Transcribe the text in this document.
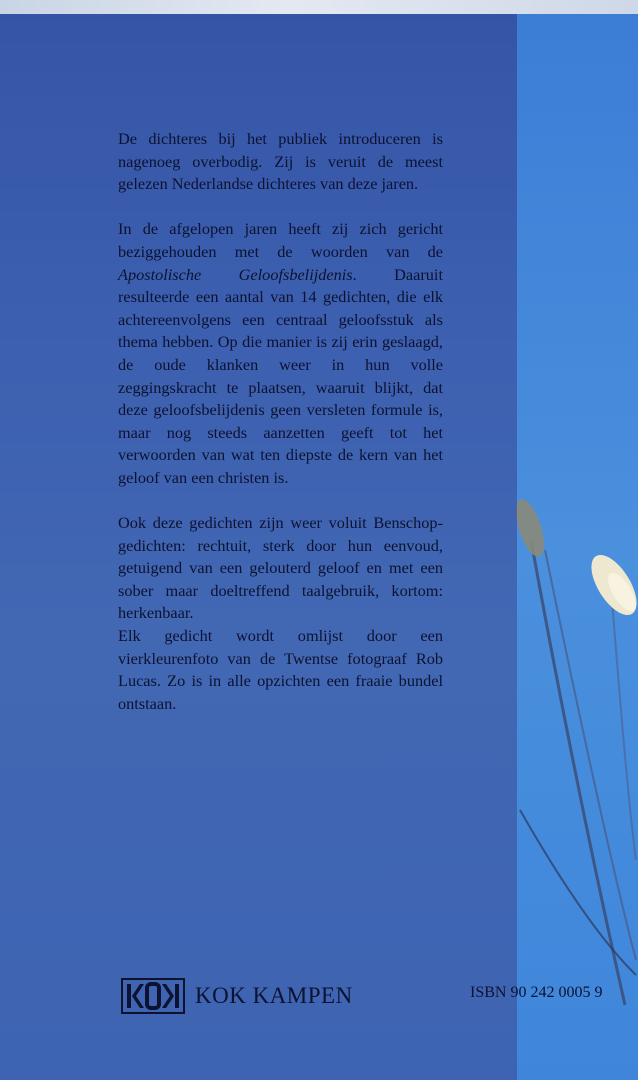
De dichteres bij het publiek introduceren is nagenoeg overbodig. Zij is veruit de meest gelezen Nederlandse dichteres van deze jaren.

In de afgelopen jaren heeft zij zich gericht beziggehouden met de woorden van de Apostolische Geloofsbelijdenis. Daaruit resulteerde een aantal van 14 gedichten, die elk achtereenvolgens een centraal geloofsstuk als thema hebben. Op die manier is zij erin geslaagd, de oude klanken weer in hun volle zeggingskracht te plaatsen, waaruit blijkt, dat deze geloofsbelijdenis geen versleten formule is, maar nog steeds aanzetten geeft tot het verwoorden van wat ten diepste de kern van het geloof van een christen is.

Ook deze gedichten zijn weer voluit Benschop-gedichten: rechtuit, sterk door hun eenvoud, getuigend van een gelouterd geloof en met een sober maar doeltreffend taalgebruik, kortom: herkenbaar.

Elk gedicht wordt omlijst door een vierkleurenfoto van de Twentse fotograaf Rob Lucas. Zo is in alle opzichten een fraaie bundel ontstaan.

KOK KAMPEN	ISBN 90 242 0005 9
